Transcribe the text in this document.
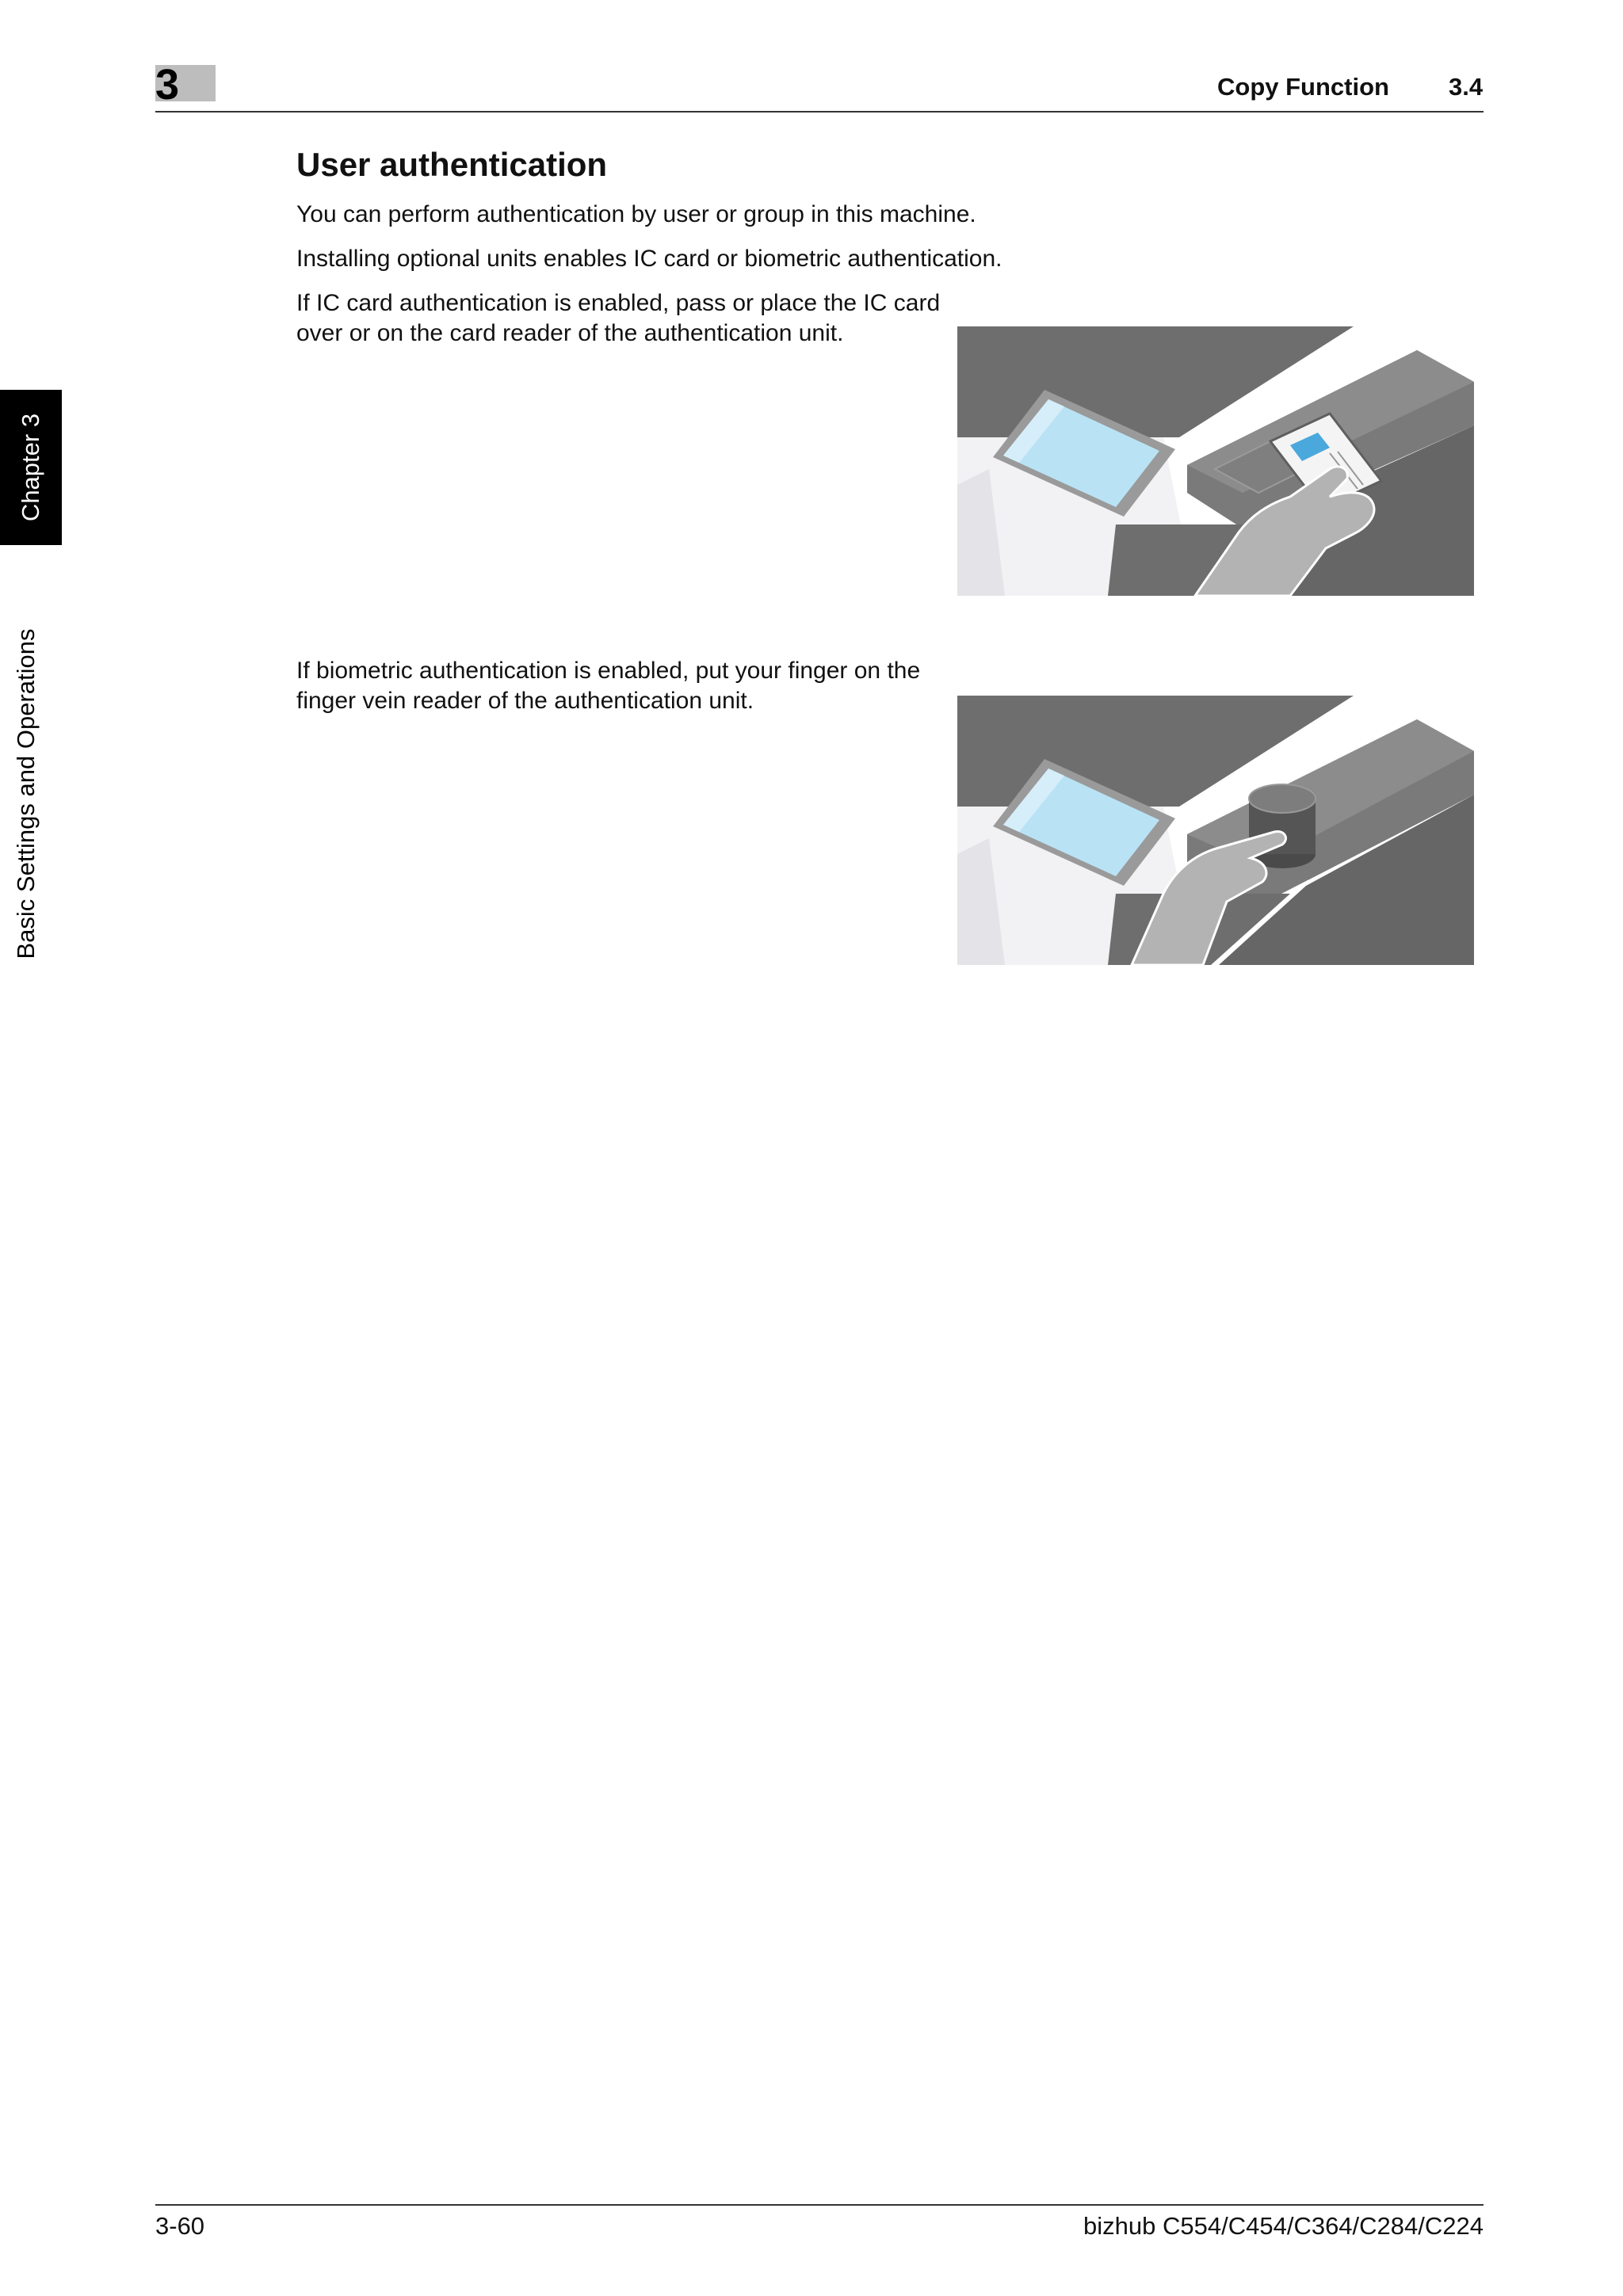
3	Copy Function 3.4
Chapter 3
Basic Settings and Operations
User authentication
You can perform authentication by user or group in this machine.
Installing optional units enables IC card or biometric authentication.
If IC card authentication is enabled, pass or place the IC card over or on the card reader of the authentication unit.
If biometric authentication is enabled, put your finger on the finger vein reader of the authentication unit.
3-60	bizhub C554/C454/C364/C284/C224
